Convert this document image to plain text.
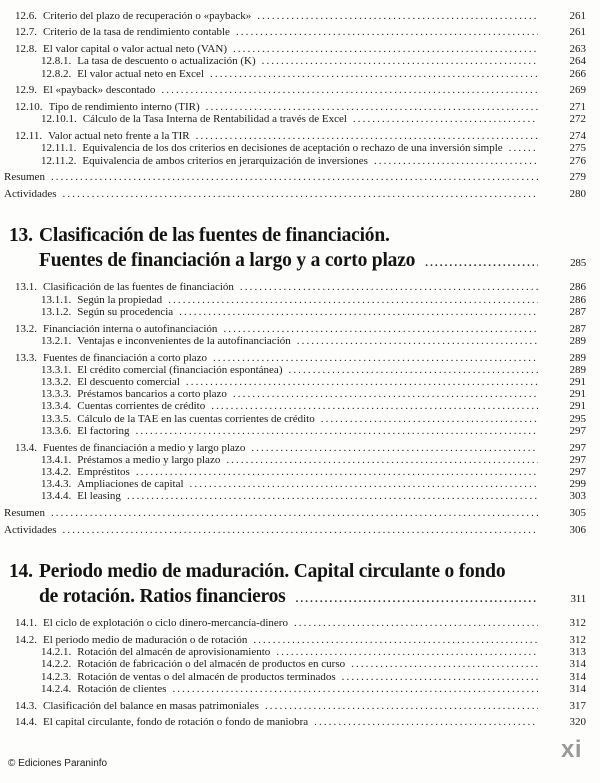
12.6. Criterio del plazo de recuperación o «payback» .....	261
12.7. Criterio de la tasa de rendimiento contable .....	261
12.8. El valor capital o valor actual neto (VAN) .....	263
12.8.1. La tasa de descuento o actualización (K) .....	264
12.8.2. El valor actual neto en Excel .....	266
12.9. El «payback» descontado .....	269
12.10. Tipo de rendimiento interno (TIR) .....	271
12.10.1. Cálculo de la Tasa Interna de Rentabilidad a través de Excel .....	272
12.11. Valor actual neto frente a la TIR .....	274
12.11.1. Equivalencia de los dos criterios en decisiones de aceptación o rechazo de una inversión simple .....	275
12.11.2. Equivalencia de ambos criterios en jerarquización de inversiones .....	276
Resumen .....	279
Actividades .....	280
13. Clasificación de las fuentes de financiación.
Fuentes de financiación a largo y a corto plazo .....	285
13.1. Clasificación de las fuentes de financiación .....	286
13.1.1. Según la propiedad .....	286
13.1.2. Según su procedencia .....	287
13.2. Financiación interna o autofinanciación .....	287
13.2.1. Ventajas e inconvenientes de la autofinanciación .....	289
13.3. Fuentes de financiación a corto plazo .....	289
13.3.1. El crédito comercial (financiación espontánea) .....	289
13.3.2. El descuento comercial .....	291
13.3.3. Préstamos bancarios a corto plazo .....	291
13.3.4. Cuentas corrientes de crédito .....	291
13.3.5. Cálculo de la TAE en las cuentas corrientes de crédito .....	295
13.3.6. El factoring .....	297
13.4. Fuentes de financiación a medio y largo plazo .....	297
13.4.1. Préstamos a medio y largo plazo .....	297
13.4.2. Empréstitos .....	297
13.4.3. Ampliaciones de capital .....	299
13.4.4. El leasing .....	303
Resumen .....	305
Actividades .....	306
14. Periodo medio de maduración. Capital circulante o fondo
de rotación. Ratios financieros .....	311
14.1. El ciclo de explotación o ciclo dinero-mercancía-dinero .....	312
14.2. El periodo medio de maduración o de rotación .....	312
14.2.1. Rotación del almacén de aprovisionamiento .....	313
14.2.2. Rotación de fabricación o del almacén de productos en curso .....	314
14.2.3. Rotación de ventas o del almacén de productos terminados .....	314
14.2.4. Rotación de clientes .....	314
14.3. Clasificación del balance en masas patrimoniales .....	317
14.4. El capital circulante, fondo de rotación o fondo de maniobra .....	320
© Ediciones Paraninfo
xi
